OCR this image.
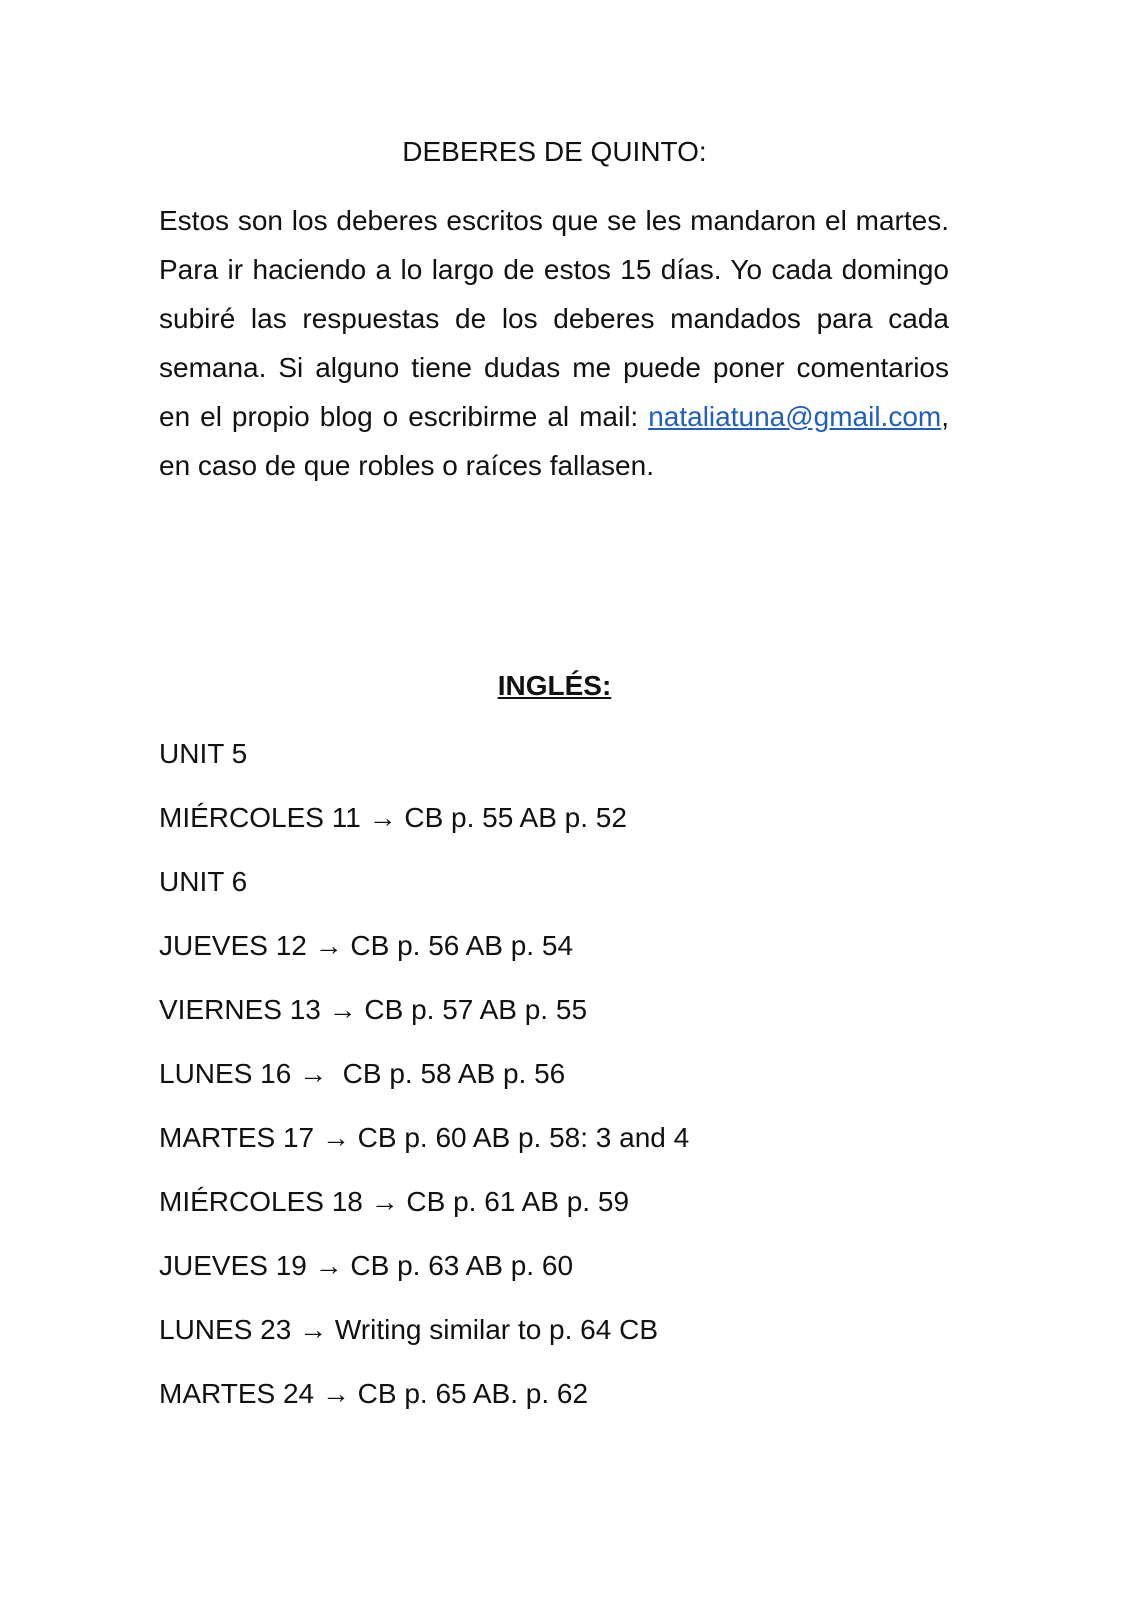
DEBERES DE QUINTO:
Estos son los deberes escritos que se les mandaron el martes. Para ir haciendo a lo largo de estos 15 días. Yo cada domingo subiré las respuestas de los deberes mandados para cada semana. Si alguno tiene dudas me puede poner comentarios en el propio blog o escribirme al mail: nataliatuna@gmail.com, en caso de que robles o raíces fallasen.
INGLÉS:
UNIT 5
MIÉRCOLES 11 → CB p. 55 AB p. 52
UNIT 6
JUEVES 12 → CB p. 56 AB p. 54
VIERNES 13 → CB p. 57 AB p. 55
LUNES 16 →  CB p. 58 AB p. 56
MARTES 17 → CB p. 60 AB p. 58: 3 and 4
MIÉRCOLES 18 → CB p. 61 AB p. 59
JUEVES 19 → CB p. 63 AB p. 60
LUNES 23 → Writing similar to p. 64 CB
MARTES 24 → CB p. 65 AB. p. 62
